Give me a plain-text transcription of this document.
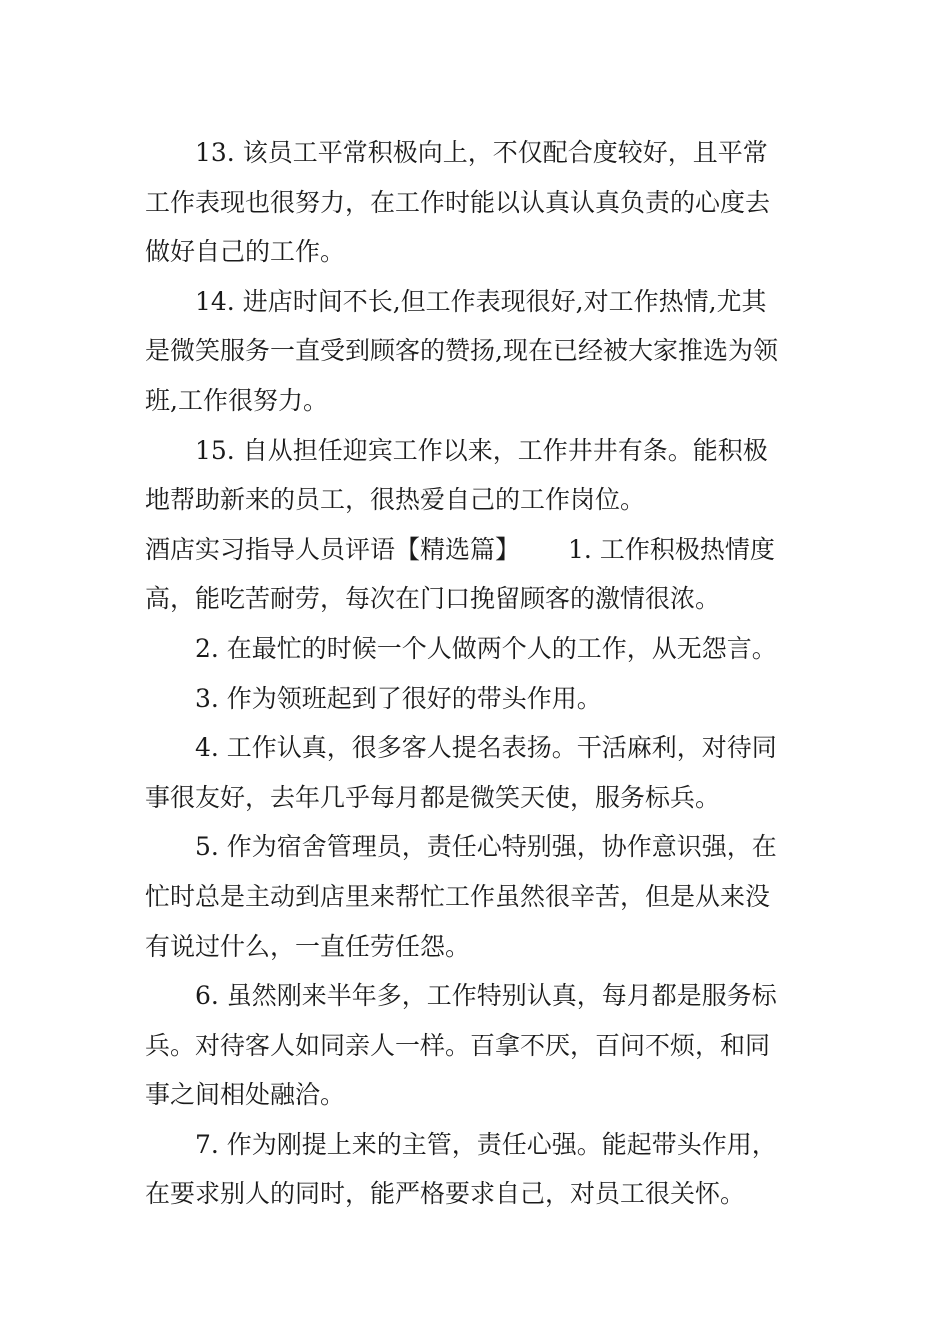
13. 该员工平常积极向上，不仅配合度较好，且平常
工作表现也很努力，在工作时能以认真认真负责的心度去
做好自己的工作。

14. 进店时间不长,但工作表现很好,对工作热情,尤其
是微笑服务一直受到顾客的赞扬,现在已经被大家推选为领
班,工作很努力。

15. 自从担任迎宾工作以来，工作井井有条。能积极
地帮助新来的员工，很热爱自己的工作岗位。

酒店实习指导人员评语【精选篇】 1. 工作积极热情度
高，能吃苦耐劳，每次在门口挽留顾客的激情很浓。

2. 在最忙的时候一个人做两个人的工作，从无怨言。

3. 作为领班起到了很好的带头作用。

4. 工作认真，很多客人提名表扬。干活麻利，对待同
事很友好，去年几乎每月都是微笑天使，服务标兵。

5. 作为宿舍管理员，责任心特别强，协作意识强，在
忙时总是主动到店里来帮忙工作虽然很辛苦，但是从来没
有说过什么，一直任劳任怨。

6. 虽然刚来半年多，工作特别认真，每月都是服务标
兵。对待客人如同亲人一样。百拿不厌，百问不烦，和同
事之间相处融洽。

7. 作为刚提上来的主管，责任心强。能起带头作用，
在要求别人的同时，能严格要求自己，对员工很关怀。
